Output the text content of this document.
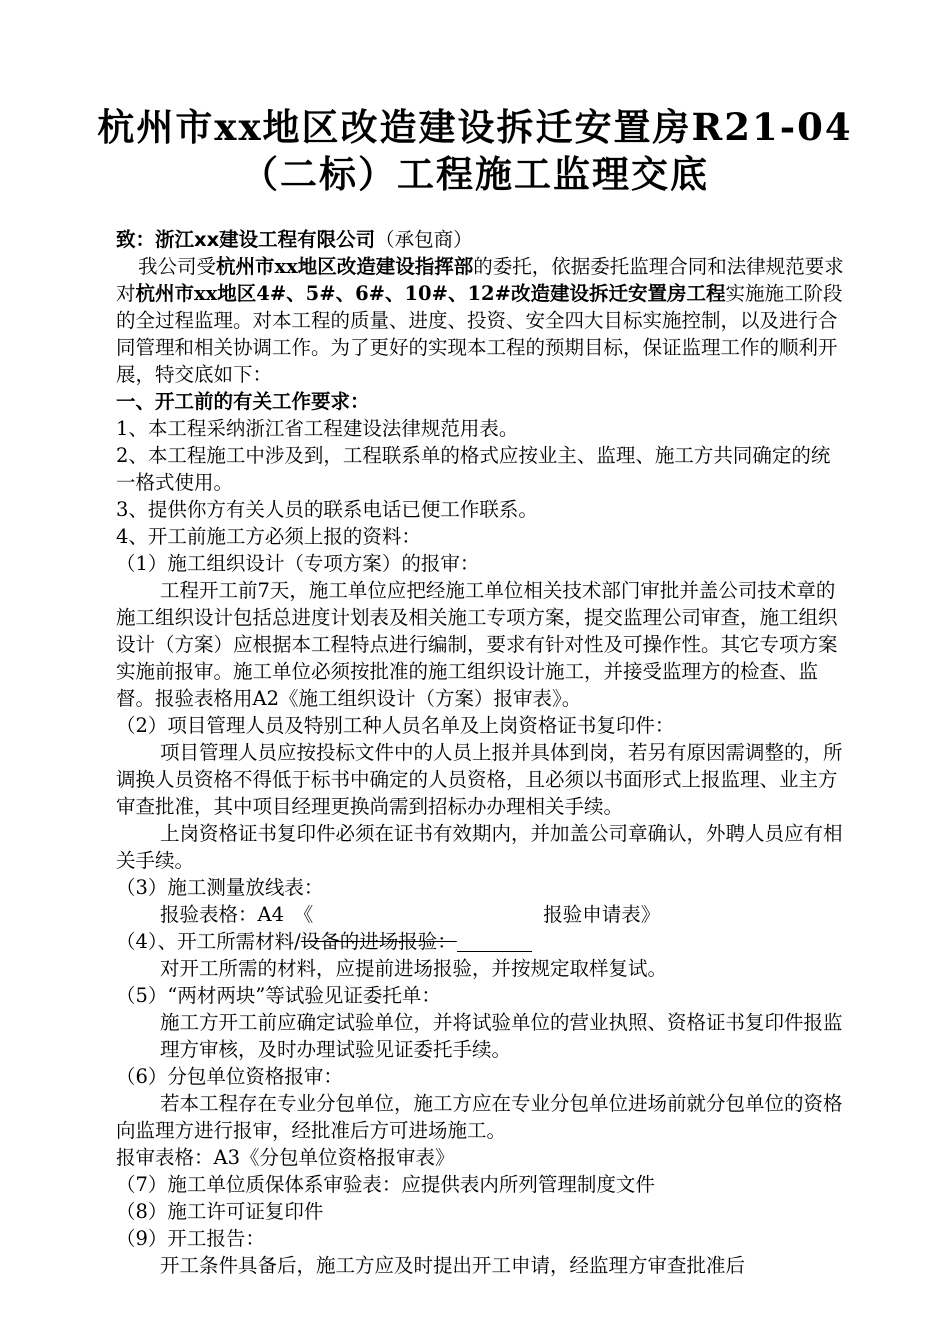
杭州市xx地区改造建设拆迁安置房R21-04
（二标）工程施工监理交底

致：浙江xx建设工程有限公司（承包商）

我公司受杭州市xx地区改造建设指挥部的委托，依据委托监理合同和法律规范要求对杭州市xx地区4#、5#、6#、10#、12#改造建设拆迁安置房工程实施施工阶段的全过程监理。对本工程的质量、进度、投资、安全四大目标实施控制，以及进行合同管理和相关协调工作。为了更好的实现本工程的预期目标，保证监理工作的顺利开展，特交底如下：

一、开工前的有关工作要求：

1、本工程采纳浙江省工程建设法律规范用表。

2、本工程施工中涉及到，工程联系单的格式应按业主、监理、施工方共同确定的统一格式使用。

3、提供你方有关人员的联系电话已便工作联系。

4、开工前施工方必须上报的资料：

（1）施工组织设计（专项方案）的报审：

工程开工前7天，施工单位应把经施工单位相关技术部门审批并盖公司技术章的施工组织设计包括总进度计划表及相关施工专项方案，提交监理公司审查，施工组织设计（方案）应根据本工程特点进行编制，要求有针对性及可操作性。其它专项方案实施前报审。施工单位必须按批准的施工组织设计施工，并接受监理方的检查、监督。报验表格用A2《施工组织设计（方案）报审表》。

（2）项目管理人员及特别工种人员名单及上岗资格证书复印件：

项目管理人员应按投标文件中的人员上报并具体到岗，若另有原因需调整的，所调换人员资格不得低于标书中确定的人员资格，且必须以书面形式上报监理、业主方审查批准，其中项目经理更换尚需到招标办办理相关手续。

上岗资格证书复印件必须在证书有效期内，并加盖公司章确认，外聘人员应有相关手续。

（3）施工测量放线表：

报验表格：A4　《	报验申请表》

（4）、开工所需材料/设备的进场报验：

对开工所需的材料，应提前进场报验，并按规定取样复试。

（5）“两材两块”等试验见证委托单：

施工方开工前应确定试验单位，并将试验单位的营业执照、资格证书复印件报监理方审核，及时办理试验见证委托手续。

（6）分包单位资格报审：

若本工程存在专业分包单位，施工方应在专业分包单位进场前就分包单位的资格向监理方进行报审，经批准后方可进场施工。

报审表格：A3《分包单位资格报审表》

（7）施工单位质保体系审验表：应提供表内所列管理制度文件

（8）施工许可证复印件

（9）开工报告：

开工条件具备后，施工方应及时提出开工申请，经监理方审查批准后
